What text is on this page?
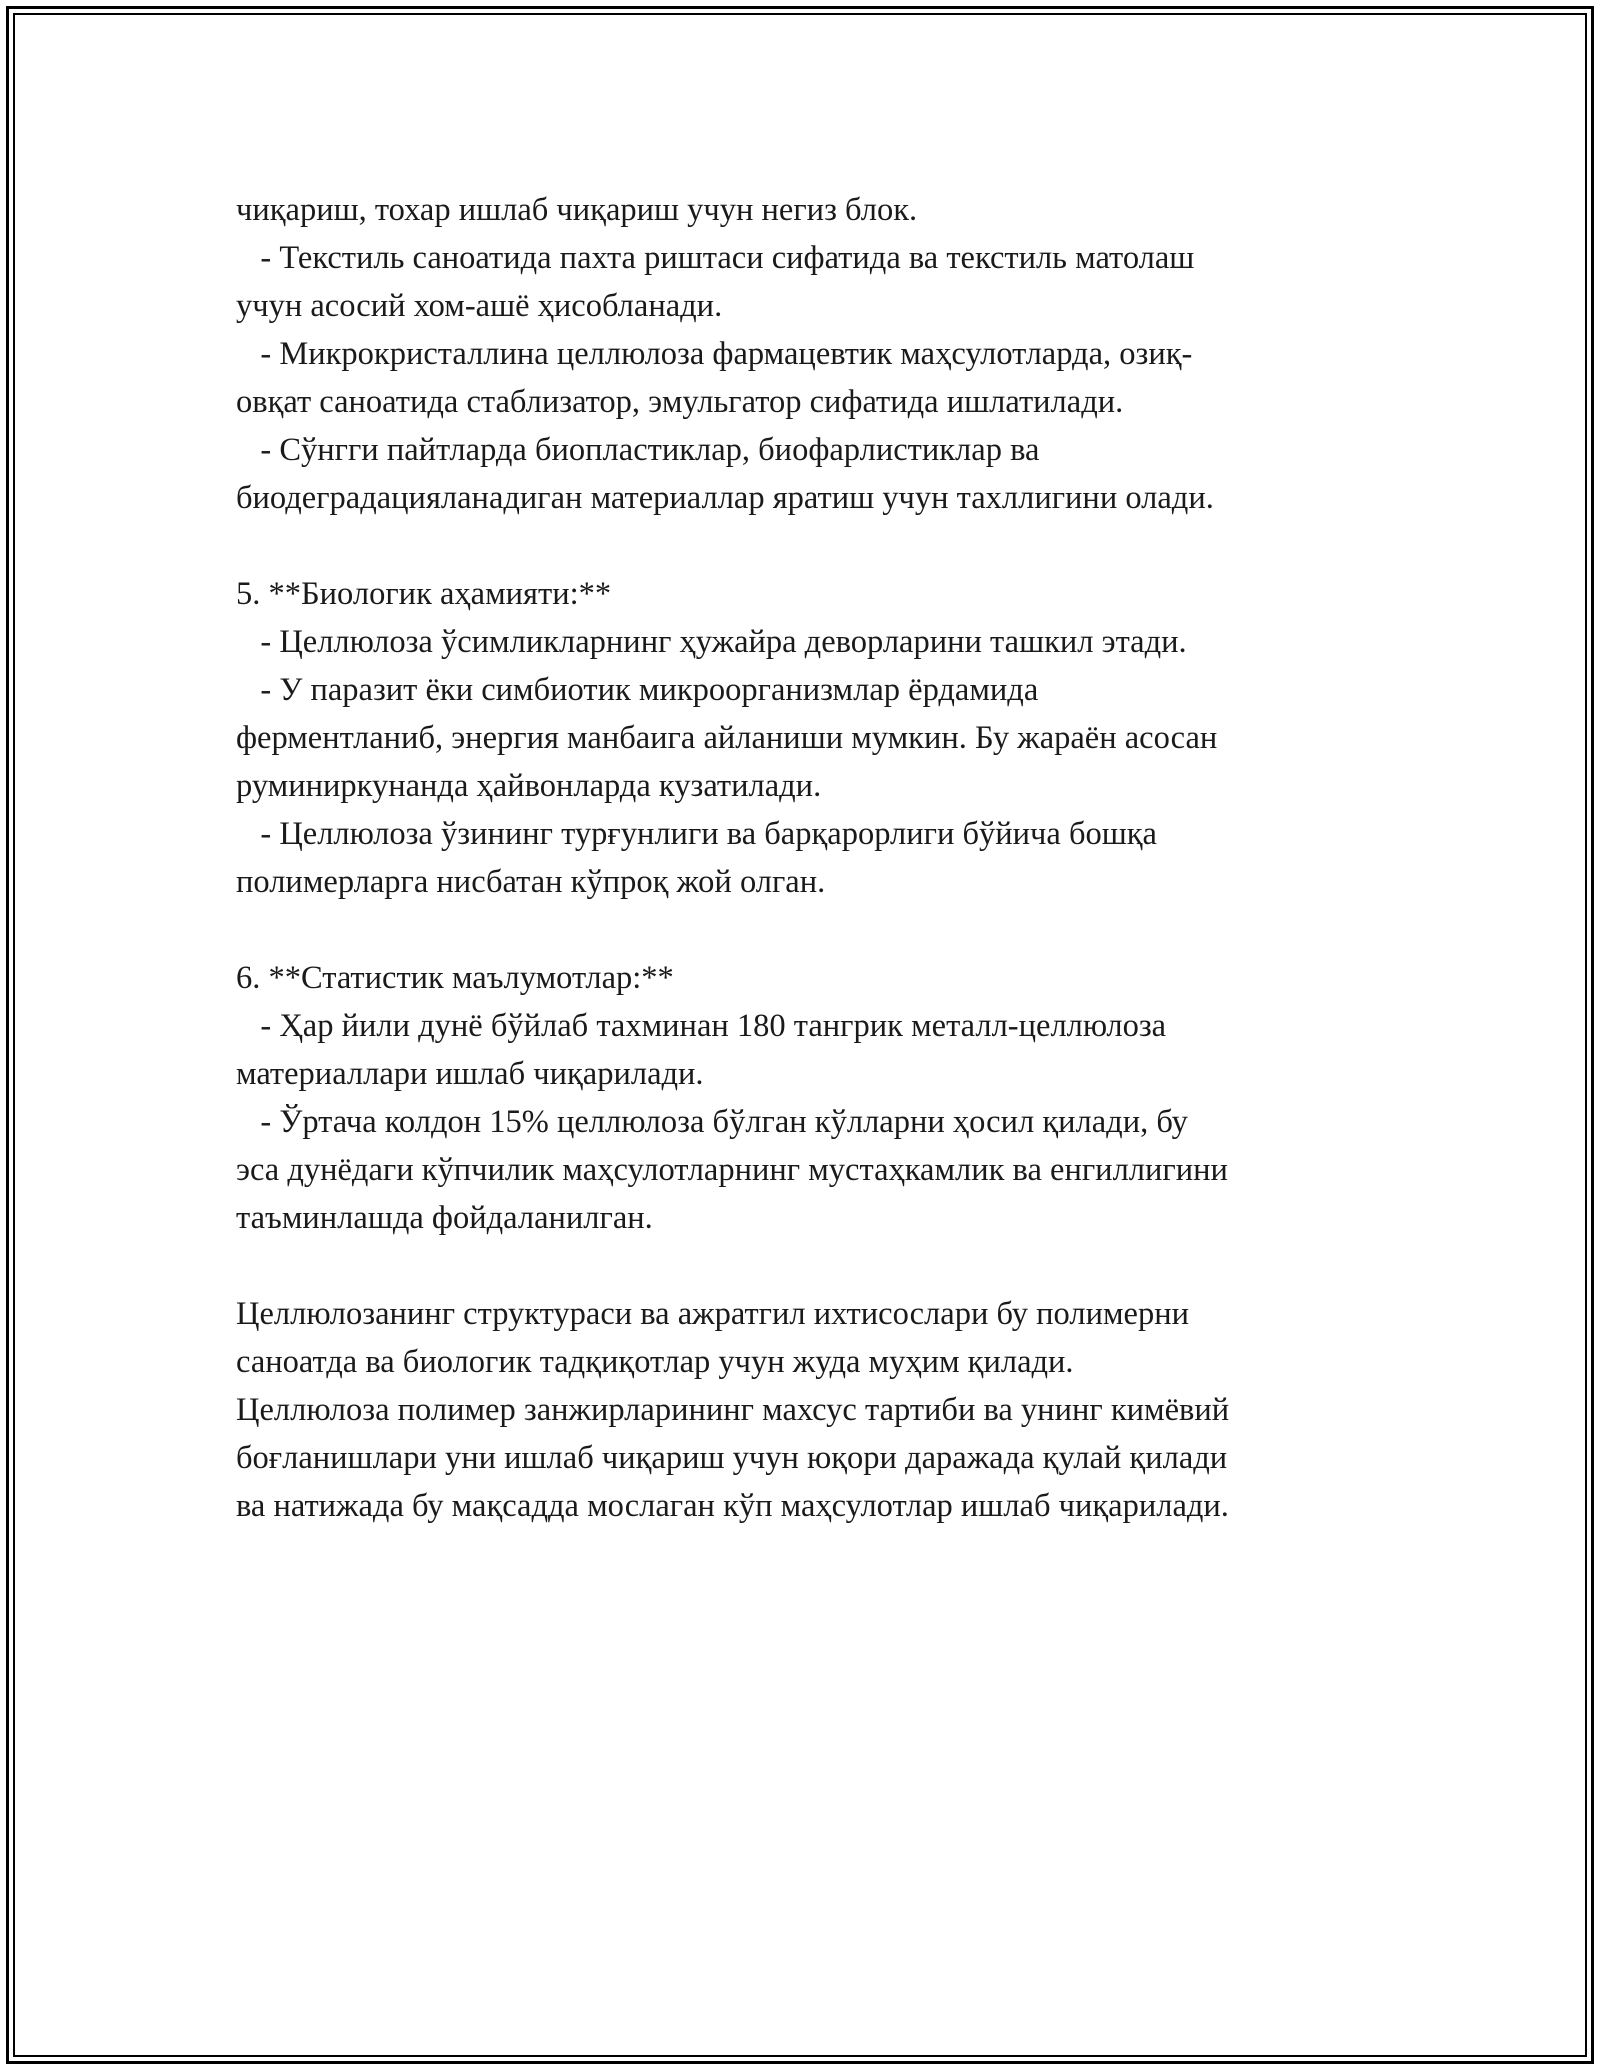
чиқариш, тохар ишлаб чиқариш учун негиз блок.
- Текстиль саноатида пахта риштаси сифатида ва текстиль матолаш
учун асосий хом-ашё ҳисобланади.
- Микрокристаллина целлюлоза фармацевтик маҳсулотларда, озиқ-
овқат саноатида стаблизатор, эмульгатор сифатида ишлатилади.
- Сўнгги пайтларда биопластиклар, биофарлистиклар ва
биодеградацияланадиган материаллар яратиш учун тахллигини олади.
5. **Биологик аҳамияти:**
- Целлюлоза ўсимликларнинг ҳужайра деворларини ташкил этади.
- У паразит ёки симбиотик микроорганизмлар ёрдамида
ферментланиб, энергия манбаига айланиши мумкин. Бу жараён асосан
руминиркунанда ҳайвонларда кузатилади.
- Целлюлоза ўзининг турғунлиги ва барқарорлиги бўйича бошқа
полимерларга нисбатан кўпроқ жой олган.
6. **Статистик маълумотлар:**
- Ҳар йили дунё бўйлаб тахминан 180 тангрик металл-целлюлоза
материаллари ишлаб чиқарилади.
- Ўртача колдон 15% целлюлоза бўлган кўлларни ҳосил қилади, бу
эса дунёдаги кўпчилик маҳсулотларнинг мустаҳкамлик ва енгиллигини
таъминлашда фойдаланилган.
Целлюлозанинг структураси ва ажратгил ихтисослари бу полимерни
саноатда ва биологик тадқиқотлар учун жуда муҳим қилади.
Целлюлоза полимер занжирларининг махсус тартиби ва унинг кимёвий
боғланишлари уни ишлаб чиқариш учун юқори даражада қулай қилади
ва натижада бу мақсадда мослаган кўп маҳсулотлар ишлаб чиқарилади.
